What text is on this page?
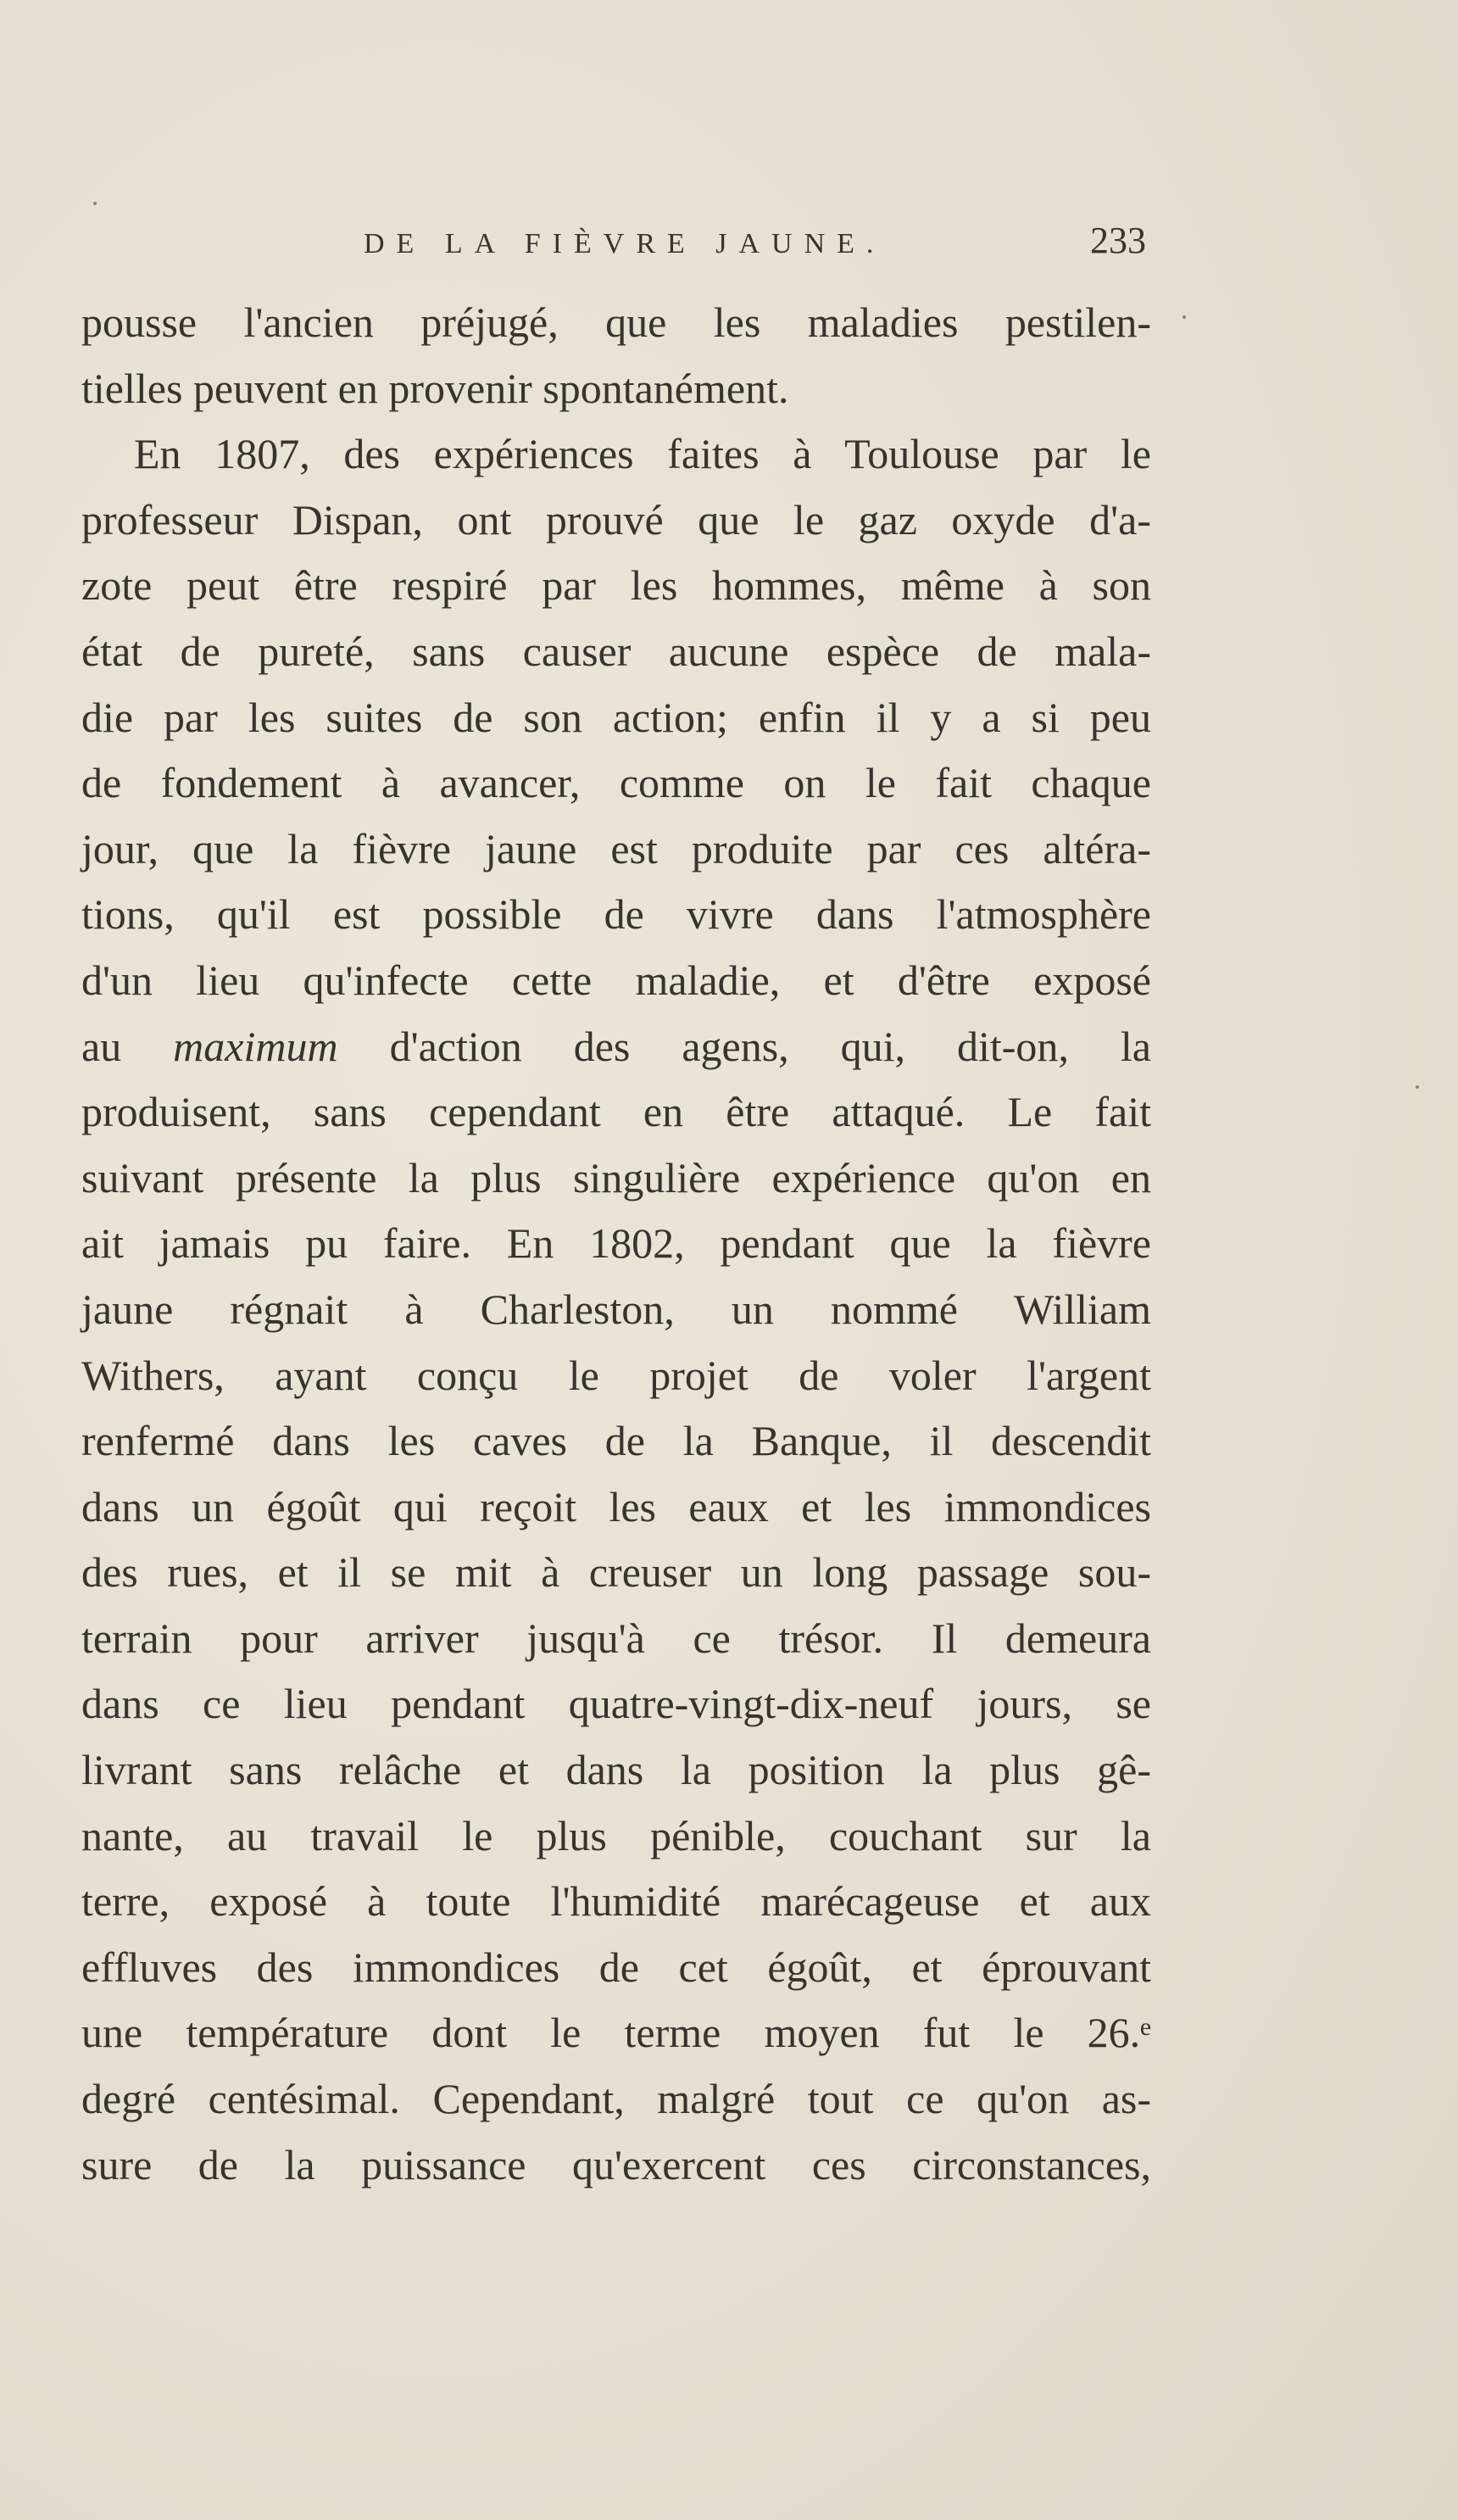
DE LA FIÈVRE JAUNE.	233
pousse l'ancien préjugé, que les maladies pestilen-
tielles peuvent en provenir spontanément.
En 1807, des expériences faites à Toulouse par le
professeur Dispan, ont prouvé que le gaz oxyde d'a-
zote peut être respiré par les hommes, même à son
état de pureté, sans causer aucune espèce de mala-
die par les suites de son action; enfin il y a si peu
de fondement à avancer, comme on le fait chaque
jour, que la fièvre jaune est produite par ces altéra-
tions, qu'il est possible de vivre dans l'atmosphère
d'un lieu qu'infecte cette maladie, et d'être exposé
au maximum d'action des agens, qui, dit-on, la
produisent, sans cependant en être attaqué. Le fait
suivant présente la plus singulière expérience qu'on en
ait jamais pu faire. En 1802, pendant que la fièvre
jaune régnait à Charleston, un nommé William
Withers, ayant conçu le projet de voler l'argent
renfermé dans les caves de la Banque, il descendit
dans un égoût qui reçoit les eaux et les immondices
des rues, et il se mit à creuser un long passage sou-
terrain pour arriver jusqu'à ce trésor. Il demeura
dans ce lieu pendant quatre-vingt-dix-neuf jours, se
livrant sans relâche et dans la position la plus gê-
nante, au travail le plus pénible, couchant sur la
terre, exposé à toute l'humidité marécageuse et aux
effluves des immondices de cet égoût, et éprouvant
une température dont le terme moyen fut le 26.ᵉ
degré centésimal. Cependant, malgré tout ce qu'on as-
sure de la puissance qu'exercent ces circonstances,
